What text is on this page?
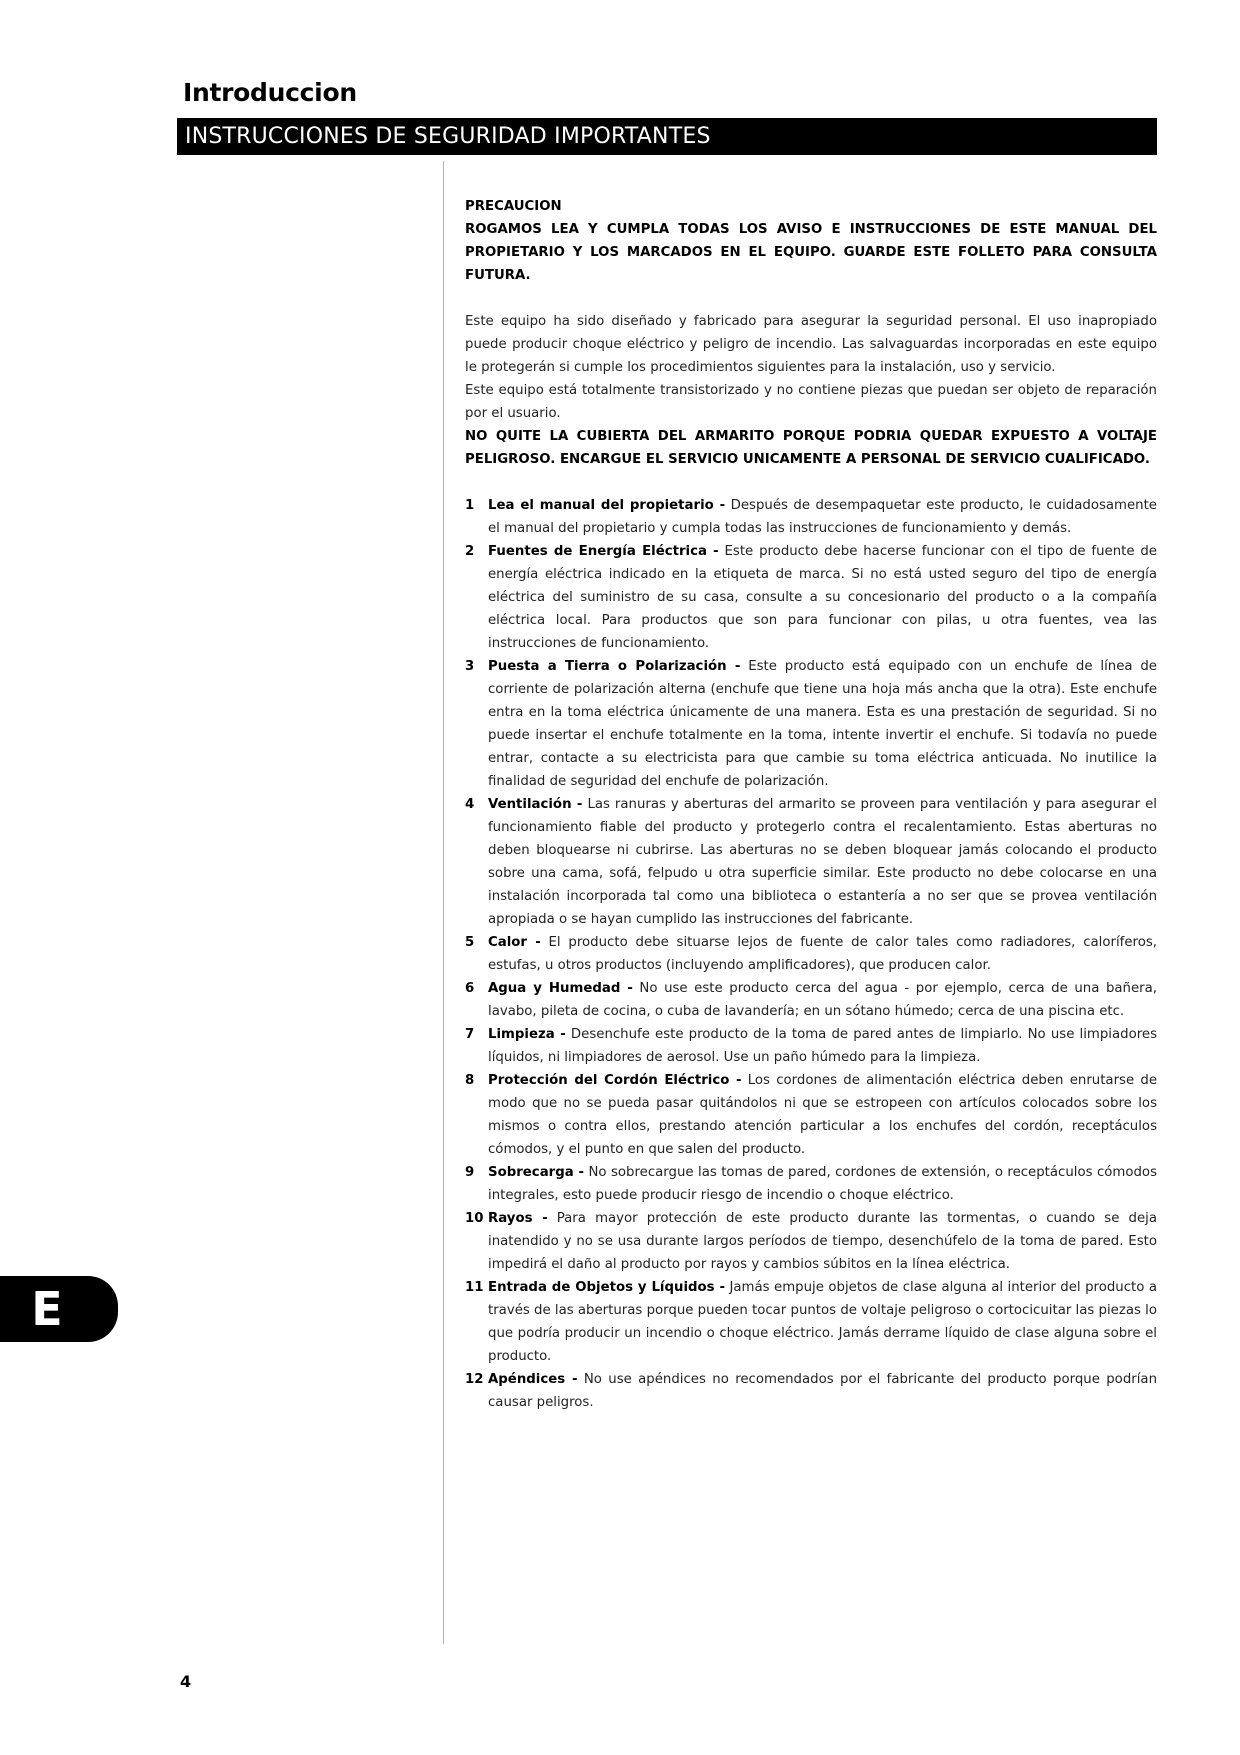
Introduccion
INSTRUCCIONES DE SEGURIDAD IMPORTANTES

PRECAUCION

ROGAMOS LEA Y CUMPLA TODAS LOS AVISO E INSTRUCCIONES DE ESTE MANUAL DEL PROPIETARIO Y LOS MARCADOS EN EL EQUIPO. GUARDE ESTE FOLLETO PARA CONSULTA FUTURA.

Este equipo ha sido diseñado y fabricado para asegurar la seguridad personal. El uso inapropiado puede producir choque eléctrico y peligro de incendio. Las salvaguardas incorporadas en este equipo le protegerán si cumple los procedimientos siguientes para la instalación, uso y servicio.

Este equipo está totalmente transistorizado y no contiene piezas que puedan ser objeto de reparación por el usuario.

NO QUITE LA CUBIERTA DEL ARMARITO PORQUE PODRIA QUEDAR EXPUESTO A VOLTAJE PELIGROSO. ENCARGUE EL SERVICIO UNICAMENTE A PERSONAL DE SERVICIO CUALIFICADO.

1	Lea el manual del propietario - Después de desempaquetar este producto, le cuidadosamente el manual del propietario y cumpla todas las instrucciones de funcionamiento y demás.
2	Fuentes de Energía Eléctrica - Este producto debe hacerse funcionar con el tipo de fuente de energía eléctrica indicado en la etiqueta de marca. Si no está usted seguro del tipo de energía eléctrica del suministro de su casa, consulte a su concesionario del producto o a la compañía eléctrica local. Para productos que son para funcionar con pilas, u otra fuentes, vea las instrucciones de funcionamiento.
3	Puesta a Tierra o Polarización - Este producto está equipado con un enchufe de línea de corriente de polarización alterna (enchufe que tiene una hoja más ancha que la otra). Este enchufe entra en la toma eléctrica únicamente de una manera. Esta es una prestación de seguridad. Si no puede insertar el enchufe totalmente en la toma, intente invertir el enchufe. Si todavía no puede entrar, contacte a su electricista para que cambie su toma eléctrica anticuada. No inutilice la finalidad de seguridad del enchufe de polarización.
4	Ventilación - Las ranuras y aberturas del armarito se proveen para ventilación y para asegurar el funcionamiento fiable del producto y protegerlo contra el recalentamiento. Estas aberturas no deben bloquearse ni cubrirse. Las aberturas no se deben bloquear jamás colocando el producto sobre una cama, sofá, felpudo u otra superficie similar. Este producto no debe colocarse en una instalación incorporada tal como una biblioteca o estantería a no ser que se provea ventilación apropiada o se hayan cumplido las instrucciones del fabricante.
5	Calor - El producto debe situarse lejos de fuente de calor tales como radiadores, caloríferos, estufas, u otros productos (incluyendo amplificadores), que producen calor.
6	Agua y Humedad - No use este producto cerca del agua - por ejemplo, cerca de una bañera, lavabo, pileta de cocina, o cuba de lavandería; en un sótano húmedo; cerca de una piscina etc.
7	Limpieza - Desenchufe este producto de la toma de pared antes de limpiarlo. No use limpiadores líquidos, ni limpiadores de aerosol. Use un paño húmedo para la limpieza.
8	Protección del Cordón Eléctrico - Los cordones de alimentación eléctrica deben enrutarse de modo que no se pueda pasar quitándolos ni que se estropeen con artículos colocados sobre los mismos o contra ellos, prestando atención particular a los enchufes del cordón, receptáculos cómodos, y el punto en que salen del producto.
9	Sobrecarga - No sobrecargue las tomas de pared, cordones de extensión, o receptáculos cómodos integrales, esto puede producir riesgo de incendio o choque eléctrico.
10 Rayos - Para mayor protección de este producto durante las tormentas, o cuando se deja inatendido y no se usa durante largos períodos de tiempo, desenchúfelo de la toma de pared. Esto impedirá el daño al producto por rayos y cambios súbitos en la línea eléctrica.
11 Entrada de Objetos y Líquidos - Jamás empuje objetos de clase alguna al interior del producto a través de las aberturas porque pueden tocar puntos de voltaje peligroso o cortocicuitar las piezas lo que podría producir un incendio o choque eléctrico. Jamás derrame líquido de clase alguna sobre el producto.
12 Apéndices - No use apéndices no recomendados por el fabricante del producto porque podrían causar peligros.
E
4
